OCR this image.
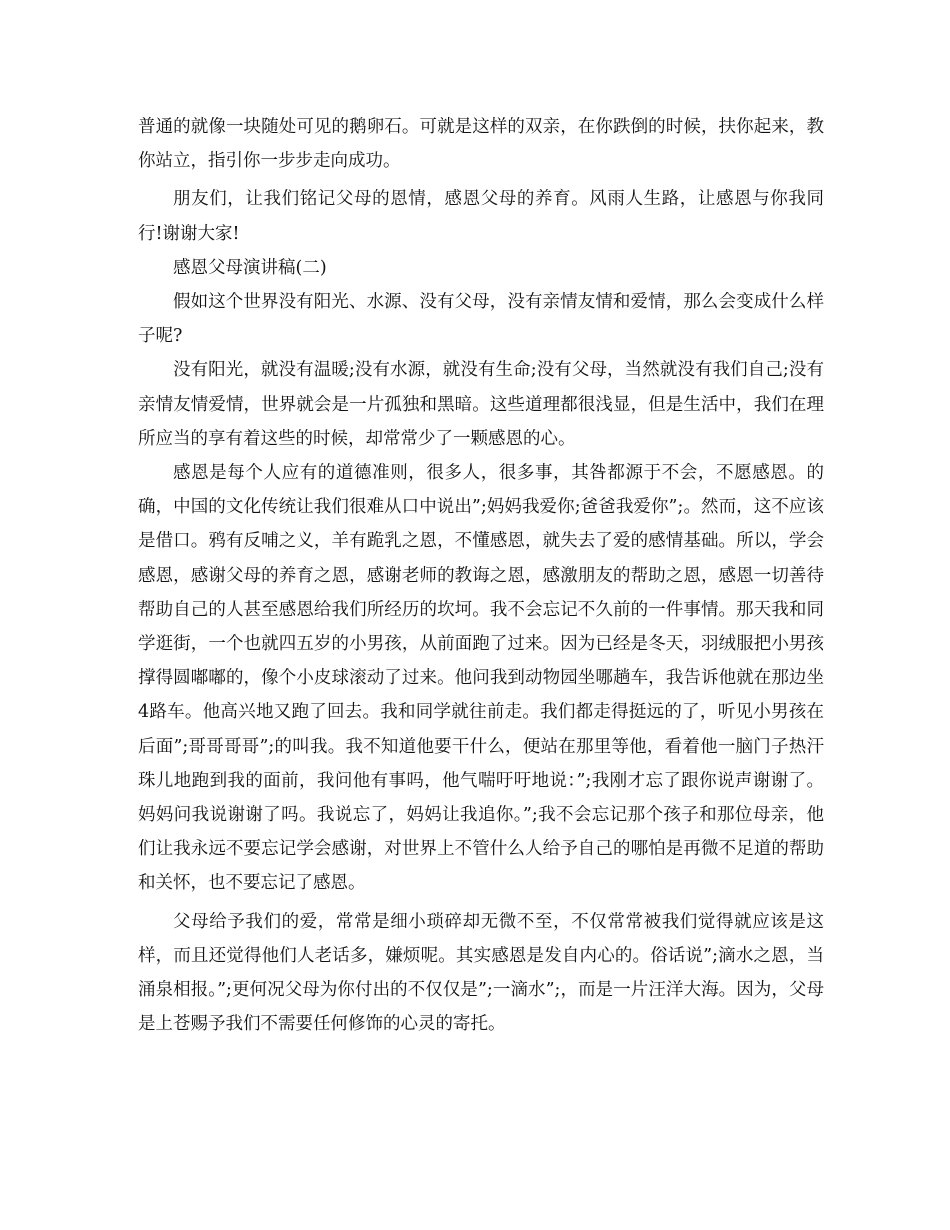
普通的就像一块随处可见的鹅卵石。可就是这样的双亲，在你跌倒的时候，扶你起来，教你站立，指引你一步步走向成功。

朋友们，让我们铭记父母的恩情，感恩父母的养育。风雨人生路，让感恩与你我同行!谢谢大家!

感恩父母演讲稿(二)

假如这个世界没有阳光、水源、没有父母，没有亲情友情和爱情，那么会变成什么样子呢?

没有阳光，就没有温暖;没有水源，就没有生命;没有父母，当然就没有我们自己;没有亲情友情爱情，世界就会是一片孤独和黑暗。这些道理都很浅显，但是生活中，我们在理所应当的享有着这些的时候，却常常少了一颗感恩的心。

感恩是每个人应有的道德准则，很多人，很多事，其咎都源于不会，不愿感恩。的确，中国的文化传统让我们很难从口中说出”;妈妈我爱你;爸爸我爱你”;。然而，这不应该是借口。鸦有反哺之义，羊有跪乳之恩，不懂感恩，就失去了爱的感情基础。所以，学会感恩，感谢父母的养育之恩，感谢老师的教诲之恩，感激朋友的帮助之恩，感恩一切善待帮助自己的人甚至感恩给我们所经历的坎坷。我不会忘记不久前的一件事情。那天我和同学逛街，一个也就四五岁的小男孩，从前面跑了过来。因为已经是冬天，羽绒服把小男孩撑得圆嘟嘟的，像个小皮球滚动了过来。他问我到动物园坐哪趟车，我告诉他就在那边坐4路车。他高兴地又跑了回去。我和同学就往前走。我们都走得挺远的了，听见小男孩在后面”;哥哥哥哥”;的叫我。我不知道他要干什么，便站在那里等他，看着他一脑门子热汗珠儿地跑到我的面前，我问他有事吗，他气喘吁吁地说：”;我刚才忘了跟你说声谢谢了。妈妈问我说谢谢了吗。我说忘了，妈妈让我追你。”;我不会忘记那个孩子和那位母亲，他们让我永远不要忘记学会感谢，对世界上不管什么人给予自己的哪怕是再微不足道的帮助和关怀，也不要忘记了感恩。

父母给予我们的爱，常常是细小琐碎却无微不至，不仅常常被我们觉得就应该是这样，而且还觉得他们人老话多，嫌烦呢。其实感恩是发自内心的。俗话说”;滴水之恩，当涌泉相报。”;更何况父母为你付出的不仅仅是”;一滴水”;，而是一片汪洋大海。因为，父母是上苍赐予我们不需要任何修饰的心灵的寄托。
